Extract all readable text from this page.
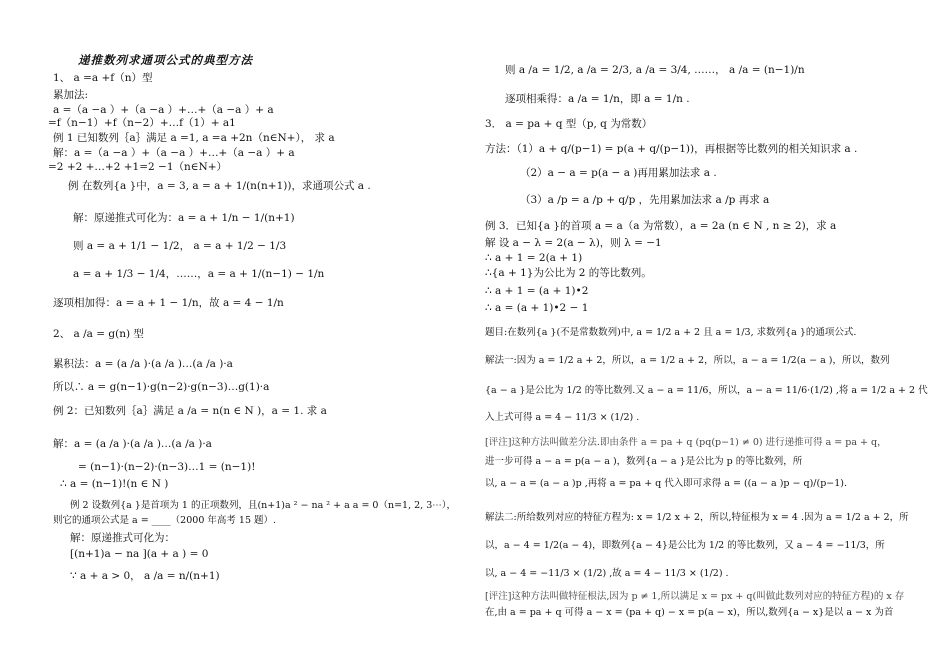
递推数列求通项公式的典型方法
1、 a =a +f（n）型
累加法:
a =（a −a ）+（a −a ）+…+（a −a ）+ a
=f（n−1）+f（n−2）+…f（1）+ a1
例 1 已知数列｛a｝满足 a =1, a =a +2n（n∈N+）， 求 a
解：a =（a −a ）+（a −a ）+…+（a −a ）+ a
=2 +2 +…+2 +1=2 −1（n∈N+）
例 在数列{a }中，a = 3, a = a + 1/(n(n+1))，求通项公式 a .
解：原递推式可化为：a = a + 1/n − 1/(n+1)
则 a = a + 1/1 − 1/2， a = a + 1/2 − 1/3
a = a + 1/3 − 1/4，……，a = a + 1/(n−1) − 1/n
逐项相加得：a = a + 1 − 1/n，故 a = 4 − 1/n
2、 a /a = g(n) 型
累积法：a = (a /a )·(a /a )…(a /a )·a
所以∴ a = g(n−1)·g(n−2)·g(n−3)…g(1)·a
例 2：已知数列｛a｝满足 a /a = n(n ∈ N )，a = 1. 求 a
解：a = (a /a )·(a /a )…(a /a )·a
= (n−1)·(n−2)·(n−3)…1 = (n−1)!
∴ a = (n−1)!(n ∈ N )
例 2 设数列{a }是首项为 1 的正项数列，且(n+1)a ² − na ² + a a = 0（n=1, 2, 3⋯），
则它的通项公式是 a = ____（2000 年高考 15 题）.
解：原递推式可化为：
[(n+1)a − na ](a + a ) = 0
∵ a + a > 0， a /a = n/(n+1)
则 a /a = 1/2, a /a = 2/3, a /a = 3/4, ……， a /a = (n−1)/n
逐项相乘得：a /a = 1/n，即 a = 1/n .
3． a = pa + q 型（p, q 为常数）
方法：（1）a + q/(p−1) = p(a + q/(p−1))，再根据等比数列的相关知识求 a .
（2）a − a = p(a − a )再用累加法求 a .
（3）a /p = a /p + q/p ，先用累加法求 a /p 再求 a
例 3．已知{a }的首项 a = a（a 为常数），a = 2a (n ∈ N , n ≥ 2)，求 a
解 设 a − λ = 2(a − λ)，则 λ = −1
∴ a + 1 = 2(a + 1)
∴{a + 1}为公比为 2 的等比数列。
∴ a + 1 = (a + 1)•2
∴ a = (a + 1)•2 − 1
题目:在数列{a }(不是常数数列)中, a = 1/2 a + 2 且 a = 1/3, 求数列{a }的通项公式.
解法一:因为 a = 1/2 a + 2，所以，a = 1/2 a + 2，所以，a − a = 1/2(a − a )，所以，数列
{a − a }是公比为 1/2 的等比数列.又 a − a = 11/6，所以，a − a = 11/6·(1/2) ,将 a = 1/2 a + 2 代
入上式可得 a = 4 − 11/3 × (1/2) .
[评注]这种方法叫做差分法.即由条件 a = pa + q (pq(p−1) ≠ 0) 进行递推可得 a = pa + q，
进一步可得 a − a = p(a − a )，数列{a − a }是公比为 p 的等比数列，所
以, a − a = (a − a )p ,再将 a = pa + q 代入即可求得 a = ((a − a )p − q)/(p−1).
解法二:所给数列对应的特征方程为: x = 1/2 x + 2，所以,特征根为 x = 4 .因为 a = 1/2 a + 2，所
以，a − 4 = 1/2(a − 4)，即数列{a − 4}是公比为 1/2 的等比数列，又 a − 4 = −11/3，所
以, a − 4 = −11/3 × (1/2) ,故 a = 4 − 11/3 × (1/2) .
[评注]这种方法叫做特征根法,因为 p ≠ 1,所以满足 x = px + q(叫做此数列对应的特征方程)的 x 存
在,由 a = pa + q 可得 a − x = (pa + q) − x = p(a − x)，所以,数列{a − x}是以 a − x 为首
